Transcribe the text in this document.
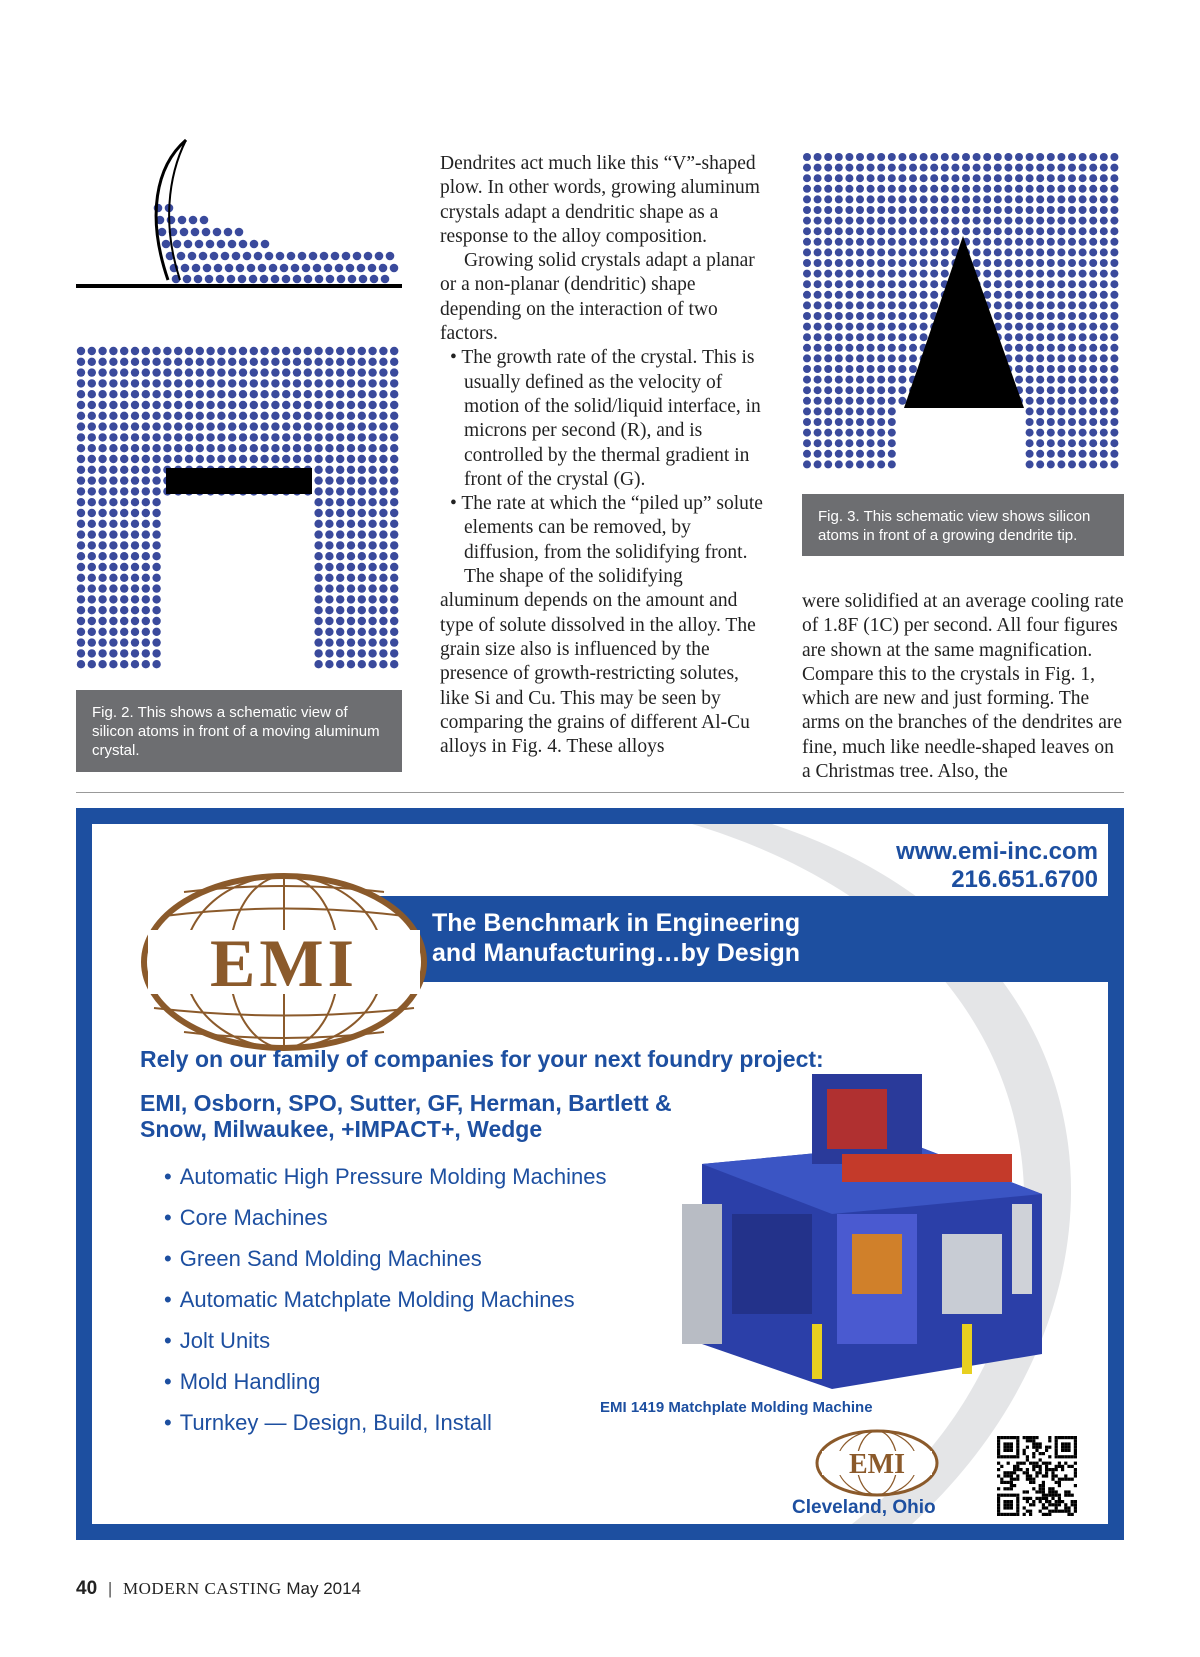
Fig. 2. This shows a schematic view of silicon atoms in front of a moving aluminum crystal.

Dendrites act much like this “V”-shaped plow. In other words, growing aluminum crystals adapt a dendritic shape as a response to the alloy composition.

Growing solid crystals adapt a planar or a non-planar (dendritic) shape depending on the interaction of two factors.

• The growth rate of the crystal. This is usually defined as the velocity of motion of the solid/liquid interface, in microns per second (R), and is controlled by the thermal gradient in front of the crystal (G).

• The rate at which the “piled up” solute elements can be removed, by diffusion, from the solidifying front.

The shape of the solidifying aluminum depends on the amount and type of solute dissolved in the alloy. The grain size also is influenced by the presence of growth-restricting solutes, like Si and Cu. This may be seen by comparing the grains of different Al-Cu alloys in Fig. 4. These alloys

Fig. 3. This schematic view shows silicon atoms in front of a growing dendrite tip.

were solidified at an average cooling rate of 1.8F (1C) per second. All four figures are shown at the same magnification. Compare this to the crystals in Fig. 1, which are new and just forming. The arms on the branches of the dendrites are fine, much like needle-shaped leaves on a Christmas tree. Also, the

www.emi-inc.com
216.651.6700
The Benchmark in Engineering
and Manufacturing…by Design
EMI
Rely on our family of companies for your next foundry project:
EMI, Osborn, SPO, Sutter, GF, Herman, Bartlett & Snow, Milwaukee, +IMPACT+, Wedge
• Automatic High Pressure Molding Machines
• Core Machines
• Green Sand Molding Machines
• Automatic Matchplate Molding Machines
• Jolt Units
• Mold Handling
• Turnkey — Design, Build, Install
EMI 1419 Matchplate Molding Machine
EMI
Cleveland, Ohio
40 | MODERN CASTING May 2014
